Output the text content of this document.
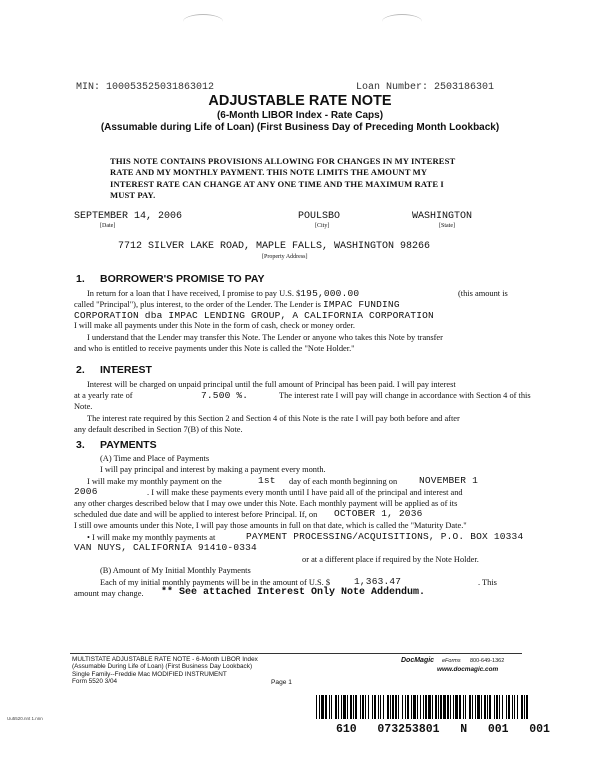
MIN: 100053525031863012	Loan Number: 2503186301
ADJUSTABLE RATE NOTE
(6-Month LIBOR Index - Rate Caps)
(Assumable during Life of Loan) (First Business Day of Preceding Month Lookback)
THIS NOTE CONTAINS PROVISIONS ALLOWING FOR CHANGES IN MY INTEREST
RATE AND MY MONTHLY PAYMENT. THIS NOTE LIMITS THE AMOUNT MY
INTEREST RATE CAN CHANGE AT ANY ONE TIME AND THE MAXIMUM RATE I
MUST PAY.
SEPTEMBER 14, 2006
[Date]
POULSBO
[City]
WASHINGTON
[State]
7712 SILVER LAKE ROAD, MAPLE FALLS, WASHINGTON 98266
[Property Address]
1. BORROWER'S PROMISE TO PAY
In return for a loan that I have received, I promise to pay U.S. $195,000.00	(this amount is
called "Principal"), plus interest, to the order of the Lender. The Lender is IMPAC FUNDING
CORPORATION dba IMPAC LENDING GROUP, A CALIFORNIA CORPORATION
I will make all payments under this Note in the form of cash, check or money order.
I understand that the Lender may transfer this Note. The Lender or anyone who takes this Note by transfer
and who is entitled to receive payments under this Note is called the "Note Holder."
2. INTEREST
Interest will be charged on unpaid principal until the full amount of Principal has been paid. I will pay interest
at a yearly rate of	7.500 %.	The interest rate I will pay will change in accordance with Section 4 of this
Note.
The interest rate required by this Section 2 and Section 4 of this Note is the rate I will pay both before and after
any default described in Section 7(B) of this Note.
3. PAYMENTS
(A) Time and Place of Payments
I will pay principal and interest by making a payment every month.
I will make my monthly payment on the	1st day of each month beginning on NOVEMBER 1
2006	. I will make these payments every month until I have paid all of the principal and interest and
any other charges described below that I may owe under this Note. Each monthly payment will be applied as of its
scheduled due date and will be applied to interest before Principal. If, on OCTOBER 1, 2036
I still owe amounts under this Note, I will pay those amounts in full on that date, which is called the "Maturity Date."
• I will make my monthly payments at	PAYMENT PROCESSING/ACQUISITIONS, P.O. BOX 10334
VAN NUYS, CALIFORNIA 91410-0334
or at a different place if required by the Note Holder.
(B) Amount of My Initial Monthly Payments
Each of my initial monthly payments will be in the amount of U.S. $	1,363.47	. This
amount may change. ** See attached Interest Only Note Addendum.
MULTISTATE ADJUSTABLE RATE NOTE - 6-Month LIBOR Index
(Assumable During Life of Loan) (First Business Day Lookback)
Single Family--Freddie Mac MODIFIED INSTRUMENT
Form 5520 3/04	Page 1
DocMagic eForms 800-649-1362
www.docmagic.com
Uu5520.nnt 1.nnn
610   073253801   N   001   001
